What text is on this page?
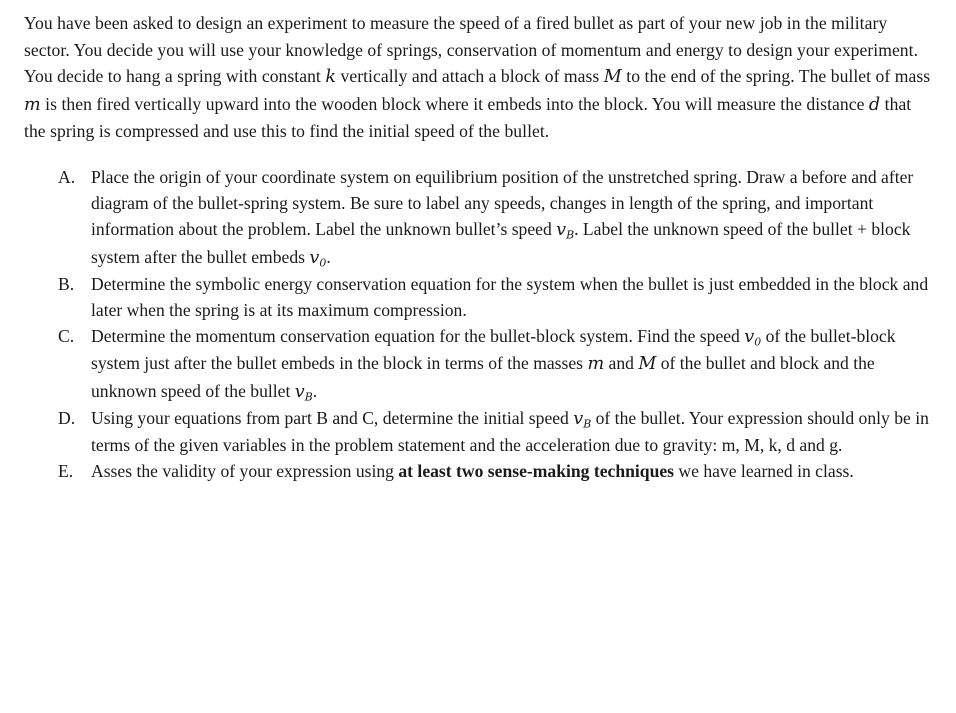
You have been asked to design an experiment to measure the speed of a fired bullet as part of your new job in the military sector. You decide you will use your knowledge of springs, conservation of momentum and energy to design your experiment. You decide to hang a spring with constant k vertically and attach a block of mass M to the end of the spring. The bullet of mass m is then fired vertically upward into the wooden block where it embeds into the block. You will measure the distance d that the spring is compressed and use this to find the initial speed of the bullet.

A. Place the origin of your coordinate system on equilibrium position of the unstretched spring. Draw a before and after diagram of the bullet-spring system. Be sure to label any speeds, changes in length of the spring, and important information about the problem. Label the unknown bullet’s speed $v_B$. Label the unknown speed of the bullet + block system after the bullet embeds $v_0$.
B. Determine the symbolic energy conservation equation for the system when the bullet is just embedded in the block and later when the spring is at its maximum compression.
C. Determine the momentum conservation equation for the bullet-block system. Find the speed $v_0$ of the bullet-block system just after the bullet embeds in the block in terms of the masses m and M of the bullet and block and the unknown speed of the bullet $v_B$.
D. Using your equations from part B and C, determine the initial speed $v_B$ of the bullet. Your expression should only be in terms of the given variables in the problem statement and the acceleration due to gravity: m, M, k, d and g.
E. Asses the validity of your expression using at least two sense-making techniques we have learned in class.
